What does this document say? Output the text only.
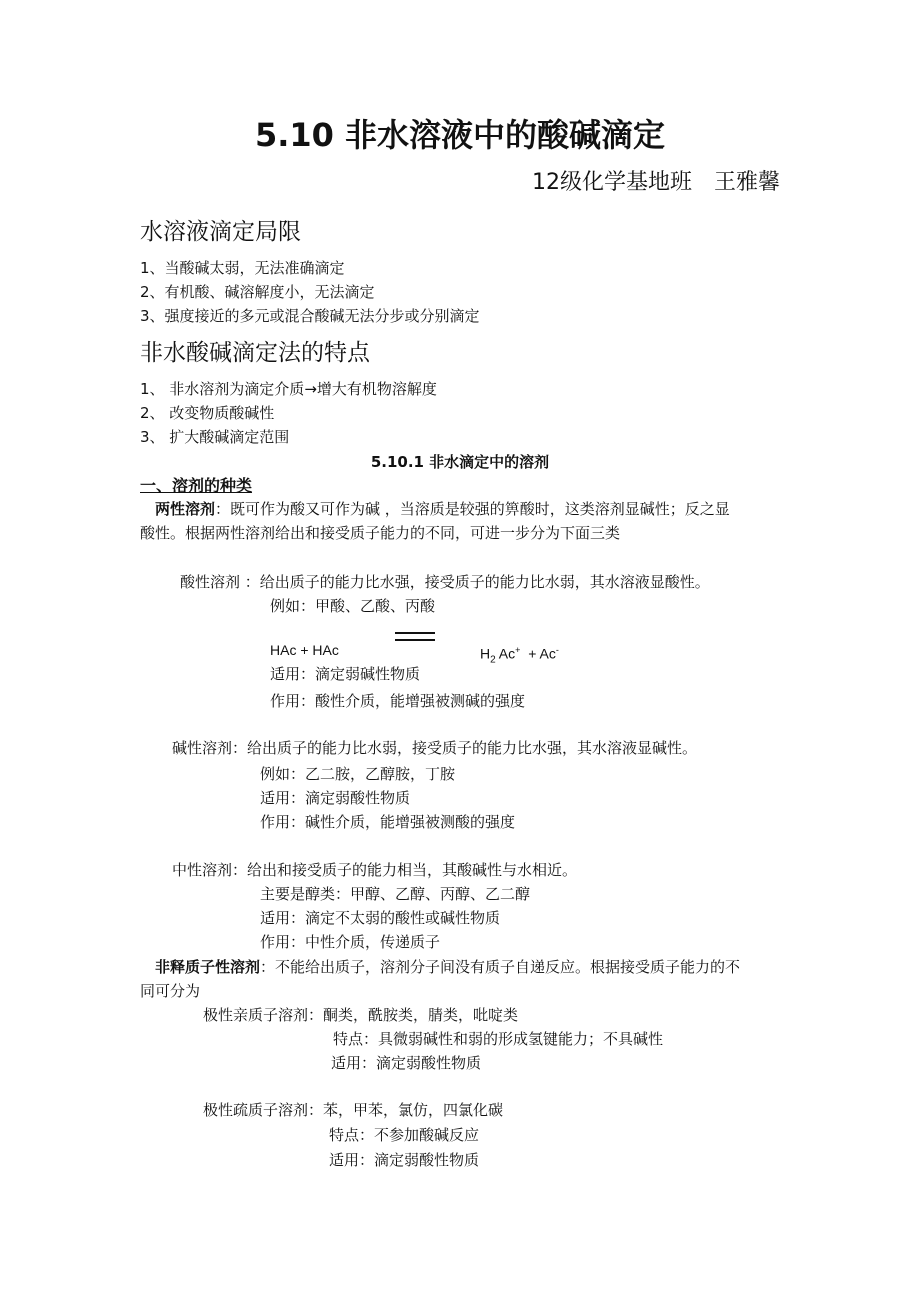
5.10 非水溶液中的酸碱滴定
12级化学基地班　王雅馨
水溶液滴定局限
1、当酸碱太弱，无法准确滴定
2、有机酸、碱溶解度小，无法滴定
3、强度接近的多元或混合酸碱无法分步或分别滴定
非水酸碱滴定法的特点
1、 非水溶剂为滴定介质→增大有机物溶解度
2、 改变物质酸碱性
3、 扩大酸碱滴定范围
5.10.1 非水滴定中的溶剂
一、溶剂的种类
两性溶剂：既可作为酸又可作为碱 ，当溶质是较强的箅酸时，这类溶剂显碱性；反之显
酸性。根据两性溶剂给出和接受质子能力的不同，可进一步分为下面三类
酸性溶剂 ：给出质子的能力比水强，接受质子的能力比水弱，其水溶液显酸性。
例如：甲酸、乙酸、丙酸
HAc + HAc	$H_2$ Ac+  + Ac-
适用：滴定弱碱性物质
作用：酸性介质，能增强被测碱的强度
碱性溶剂：给出质子的能力比水弱，接受质子的能力比水强，其水溶液显碱性。
例如：乙二胺，乙醇胺，丁胺
适用：滴定弱酸性物质
作用：碱性介质，能增强被测酸的强度
中性溶剂：给出和接受质子的能力相当，其酸碱性与水相近。
主要是醇类：甲醇、乙醇、丙醇、乙二醇
适用：滴定不太弱的酸性或碱性物质
作用：中性介质，传递质子
非释质子性溶剂：不能给出质子，溶剂分子间没有质子自递反应。根据接受质子能力的不
同可分为
极性亲质子溶剂：酮类，酰胺类，腈类，吡啶类
特点：具微弱碱性和弱的形成氢键能力；不具碱性
适用：滴定弱酸性物质
极性疏质子溶剂：苯，甲苯，氯仿，四氯化碳
特点：不参加酸碱反应
适用：滴定弱酸性物质
